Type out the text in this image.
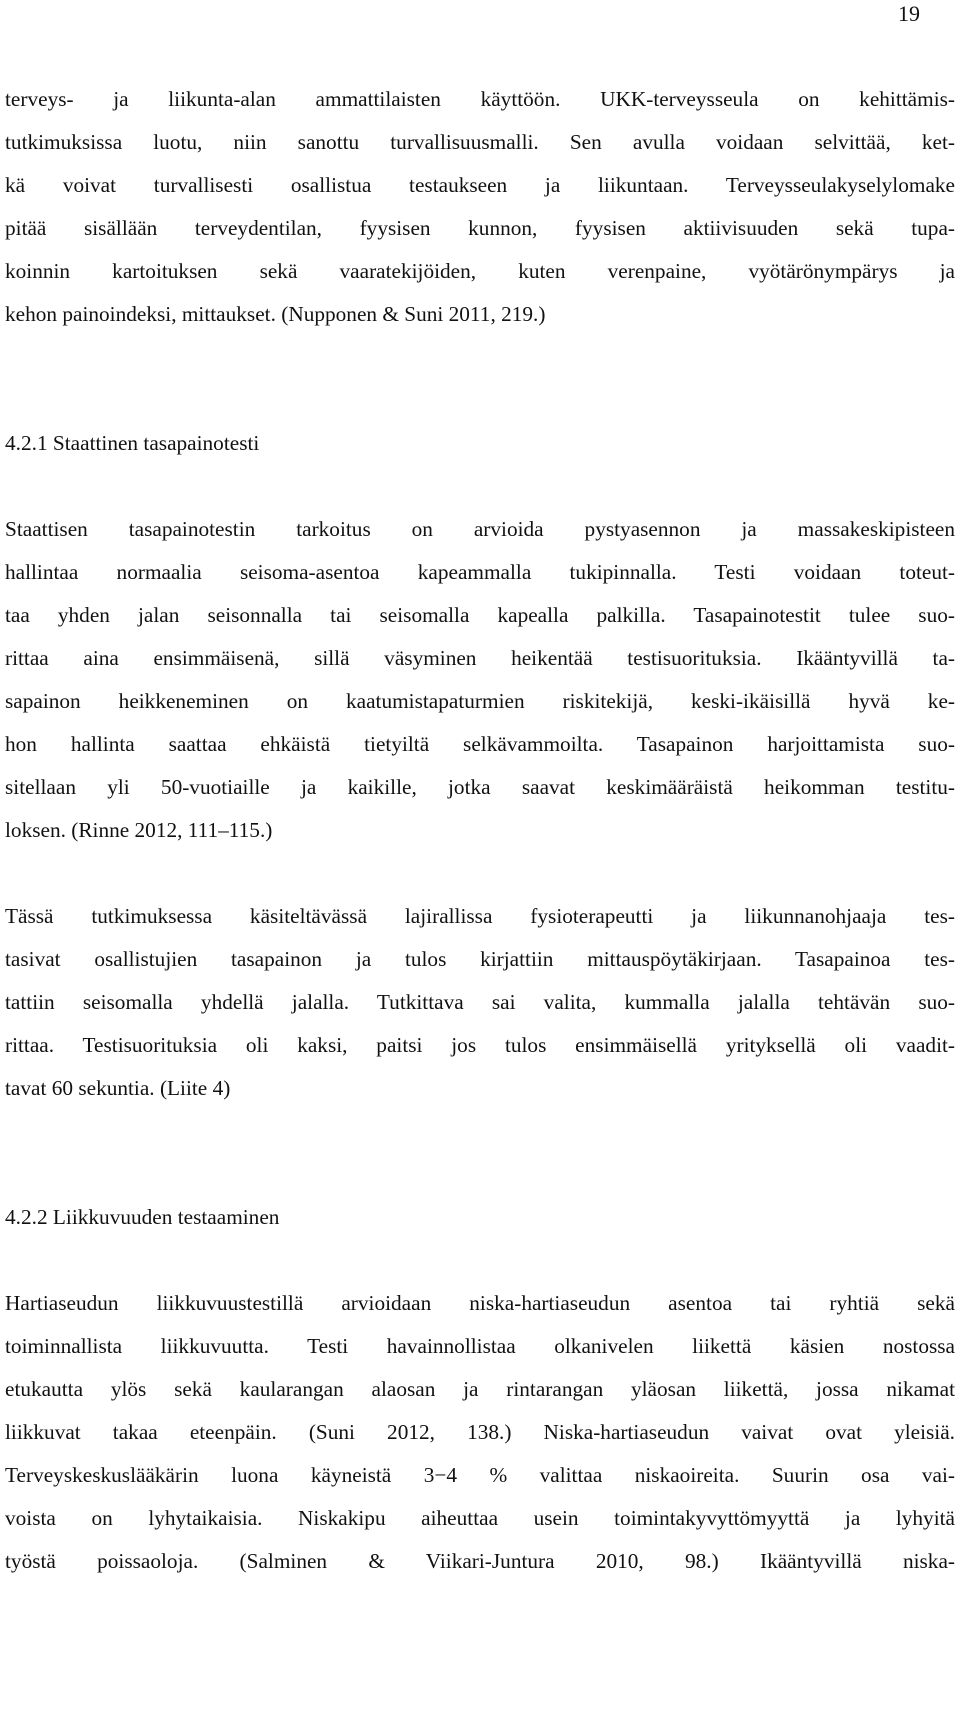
19

terveys- ja liikunta-alan ammattilaisten käyttöön. UKK-terveysseula on kehittämis-
tutkimuksissa luotu, niin sanottu turvallisuusmalli. Sen avulla voidaan selvittää, ket-
kä voivat turvallisesti osallistua testaukseen ja liikuntaan. Terveysseulakyselylomake
pitää sisällään terveydentilan, fyysisen kunnon, fyysisen aktiivisuuden sekä tupa-
koinnin kartoituksen sekä vaaratekijöiden, kuten verenpaine, vyötärönympärys ja
kehon painoindeksi, mittaukset. (Nupponen & Suni 2011, 219.)

4.2.1 Staattinen tasapainotesti

Staattisen tasapainotestin tarkoitus on arvioida pystyasennon ja massakeskipisteen
hallintaa normaalia seisoma-asentoa kapeammalla tukipinnalla. Testi voidaan toteut-
taa yhden jalan seisonnalla tai seisomalla kapealla palkilla. Tasapainotestit tulee suo-
rittaa aina ensimmäisenä, sillä väsyminen heikentää testisuorituksia. Ikääntyvillä ta-
sapainon heikkeneminen on kaatumistapaturmien riskitekijä, keski-ikäisillä hyvä ke-
hon hallinta saattaa ehkäistä tietyiltä selkävammoilta. Tasapainon harjoittamista suo-
sitellaan yli 50-vuotiaille ja kaikille, jotka saavat keskimääräistä heikomman testitu-
loksen. (Rinne 2012, 111–115.)

Tässä tutkimuksessa käsiteltävässä lajirallissa fysioterapeutti ja liikunnanohjaaja tes-
tasivat osallistujien tasapainon ja tulos kirjattiin mittauspöytäkirjaan. Tasapainoa tes-
tattiin seisomalla yhdellä jalalla. Tutkittava sai valita, kummalla jalalla tehtävän suo-
rittaa. Testisuorituksia oli kaksi, paitsi jos tulos ensimmäisellä yrityksellä oli vaadit-
tavat 60 sekuntia. (Liite 4)

4.2.2 Liikkuvuuden testaaminen

Hartiaseudun liikkuvuustestillä arvioidaan niska-hartiaseudun asentoa tai ryhtiä sekä
toiminnallista liikkuvuutta. Testi havainnollistaa olkanivelen liikettä käsien nostossa
etukautta ylös sekä kaularangan alaosan ja rintarangan yläosan liikettä, jossa nikamat
liikkuvat takaa eteenpäin. (Suni 2012, 138.) Niska-hartiaseudun vaivat ovat yleisiä.
Terveyskeskuslääkärin luona käyneistä 3−4 % valittaa niskaoireita. Suurin osa vai-
voista on lyhytaikaisia. Niskakipu aiheuttaa usein toimintakyvyttömyyttä ja lyhyitä
työstä poissaoloja. (Salminen & Viikari-Juntura 2010, 98.) Ikääntyvillä niska-
